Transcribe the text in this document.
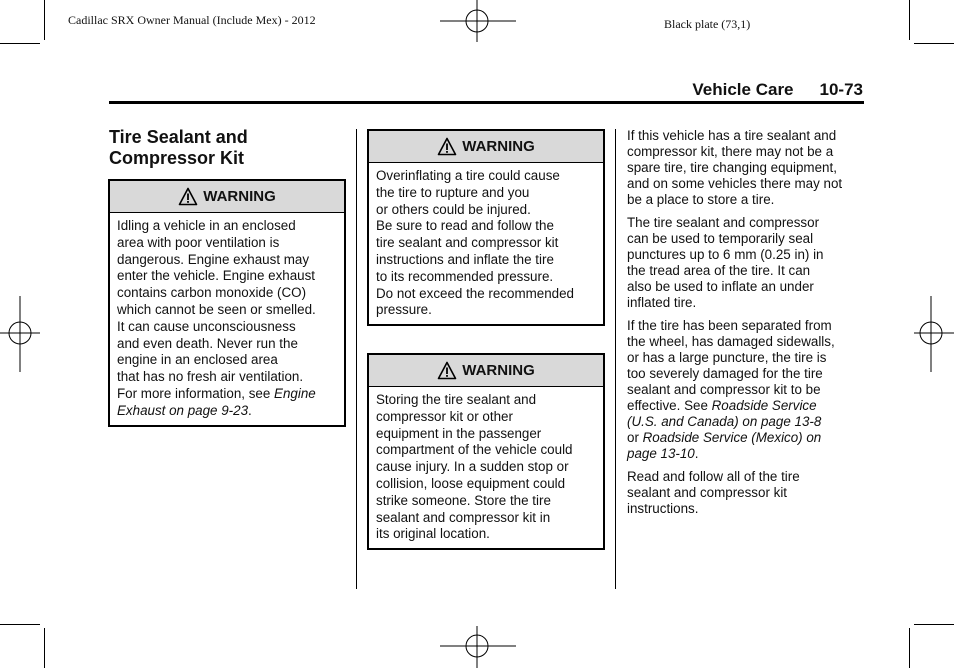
Cadillac SRX Owner Manual (Include Mex) - 2012	Black plate (73,1)
Vehicle Care 10-73
Tire Sealant and
Compressor Kit
WARNING
Idling a vehicle in an enclosed
area with poor ventilation is
dangerous. Engine exhaust may
enter the vehicle. Engine exhaust
contains carbon monoxide (CO)
which cannot be seen or smelled.
It can cause unconsciousness
and even death. Never run the
engine in an enclosed area
that has no fresh air ventilation.
For more information, see Engine
Exhaust on page 9-23.
WARNING
Overinflating a tire could cause
the tire to rupture and you
or others could be injured.
Be sure to read and follow the
tire sealant and compressor kit
instructions and inflate the tire
to its recommended pressure.
Do not exceed the recommended
pressure.
WARNING
Storing the tire sealant and
compressor kit or other
equipment in the passenger
compartment of the vehicle could
cause injury. In a sudden stop or
collision, loose equipment could
strike someone. Store the tire
sealant and compressor kit in
its original location.

If this vehicle has a tire sealant and
compressor kit, there may not be a
spare tire, tire changing equipment,
and on some vehicles there may not
be a place to store a tire.

The tire sealant and compressor
can be used to temporarily seal
punctures up to 6 mm (0.25 in) in
the tread area of the tire. It can
also be used to inflate an under
inflated tire.

If the tire has been separated from
the wheel, has damaged sidewalls,
or has a large puncture, the tire is
too severely damaged for the tire
sealant and compressor kit to be
effective. See Roadside Service
(U.S. and Canada) on page 13-8
or Roadside Service (Mexico) on
page 13-10.

Read and follow all of the tire
sealant and compressor kit
instructions.
